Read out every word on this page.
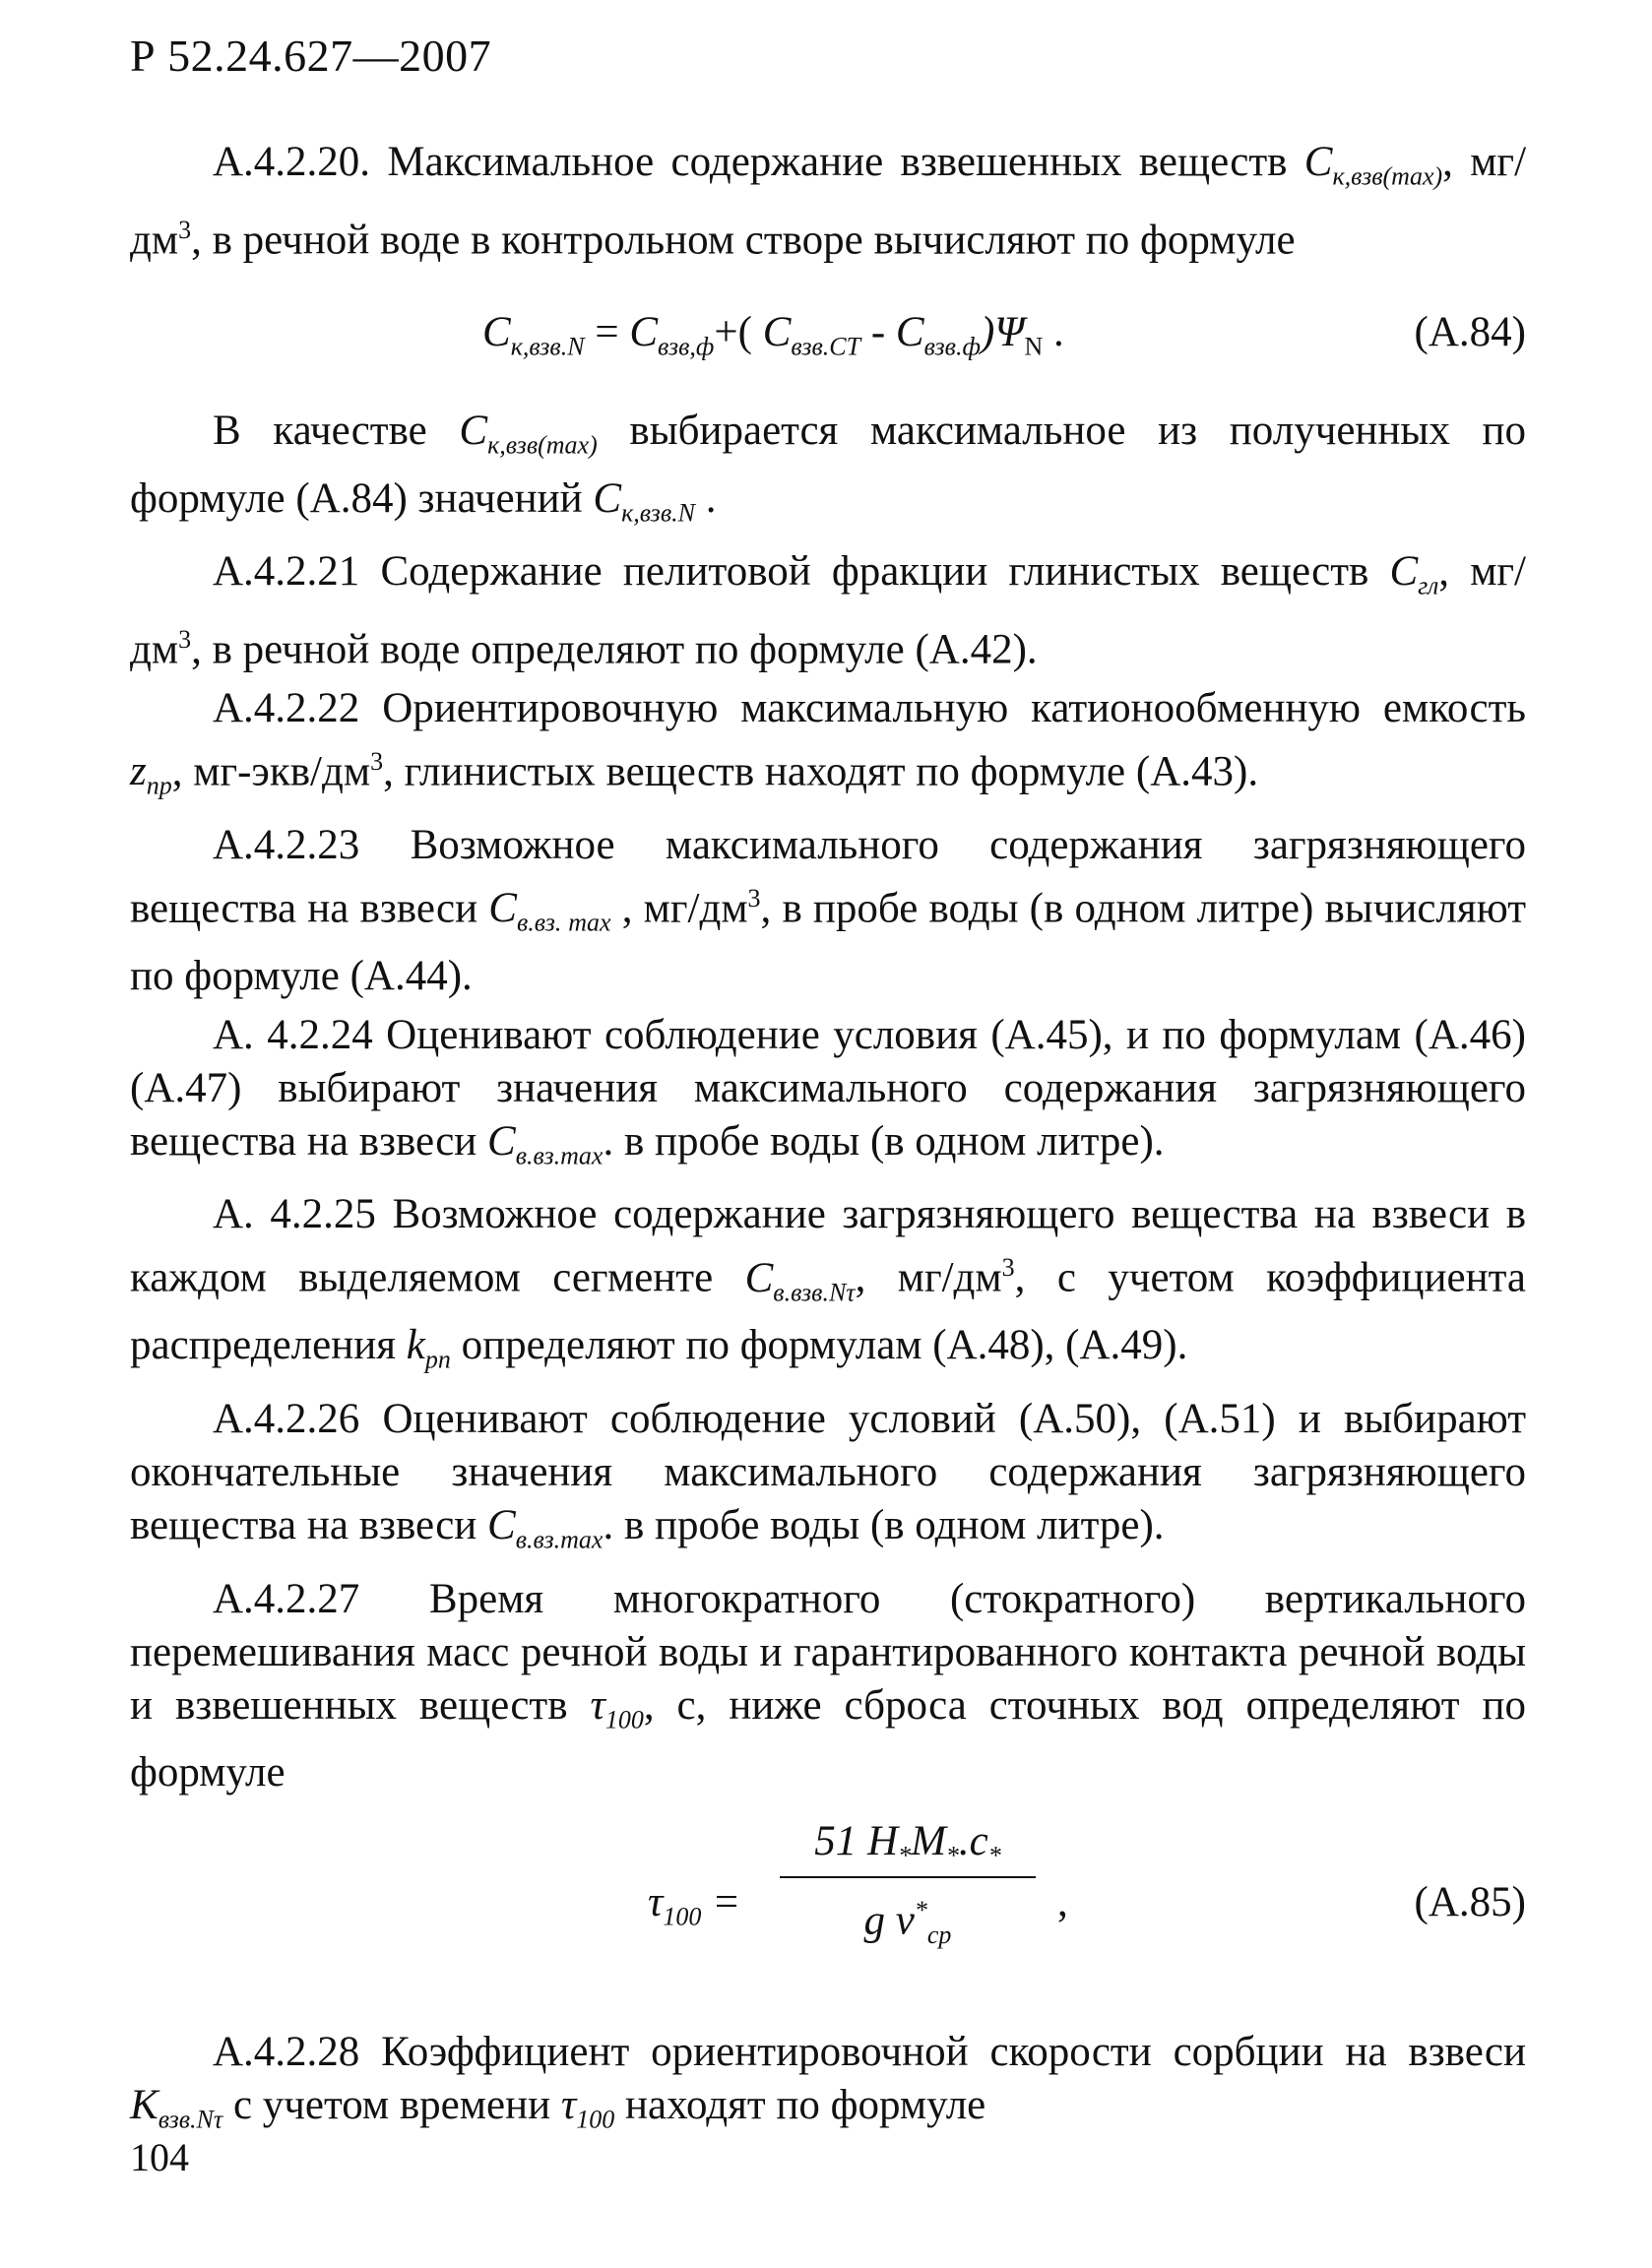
Р 52.24.627—2007

А.4.2.20. Максимальное содержание взвешенных веществ $C_{к,взв(max)}$, $мг/дм^3$, в речной воде в контрольном створе вычисляют по формуле

$C_{к,взв.N} = C_{взв,ф}+$( $C_{взв.СТ} - C_{взв.ф})\Psi_N$ .	(А.84)

В качестве $C_{к,взв(max)}$ выбирается максимальное из полученных по формуле (А.84) значений $C_{к,взв.N}$ .

А.4.2.21 Содержание пелитовой фракции глинистых веществ $C_{гл}$, $мг/дм^3$, в речной воде определяют по формуле (А.42).

А.4.2.22 Ориентировочную максимальную катионообменную емкость $z_{пр}$, $мг-экв/дм^3$, глинистых веществ находят по формуле (А.43).

А.4.2.23 Возможное максимального содержания загрязняющего вещества на взвеси $C_{в.вз. max}$ , $мг/дм^3$, в пробе воды (в одном литре) вычисляют по формуле (А.44).

А. 4.2.24 Оценивают соблюдение условия (А.45), и по формулам (А.46) (А.47) выбирают значения максимального содержания загрязняющего вещества на взвеси $C_{в.вз.max}$. в пробе воды (в одном литре).

А. 4.2.25 Возможное содержание загрязняющего вещества на взвеси в каждом выделяемом сегменте $C_{в.взв.N\tau}$, $мг/дм^3$, с учетом коэффициента распределения $k_{рп}$ определяют по формулам (А.48), (А.49).

А.4.2.26 Оценивают соблюдение условий (А.50), (А.51) и выбирают окончательные значения максимального содержания загрязняющего вещества на взвеси $C_{в.вз.max}$. в пробе воды (в одном литре).

А.4.2.27 Время многократного (стократного) вертикального перемешивания масс речной воды и гарантированного контакта речной воды и взвешенных веществ $\tau_{100}$, с, ниже сброса сточных вод определяют по формуле

$\tau_{100}$ =
51 $H_*M_*.c_*$
g $v^*_{ср}$
,	(А.85)

А.4.2.28 Коэффициент ориентировочной скорости сорбции на взвеси $K_{взв.N\tau}$ с учетом времени $\tau_{100}$ находят по формуле

104
